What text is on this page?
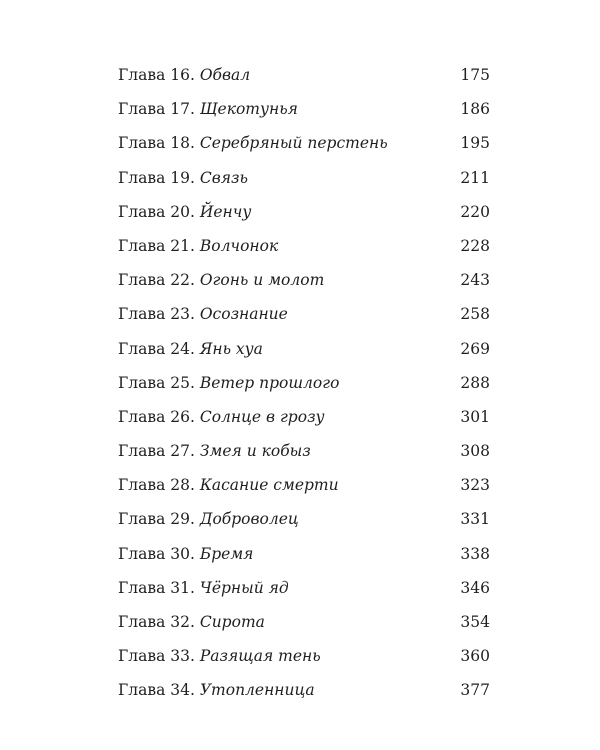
Глава 16. Обвал	175
Глава 17. Щекотунья	186
Глава 18. Серебряный перстень	195
Глава 19. Связь	211
Глава 20. Йенчу	220
Глава 21. Волчонок	228
Глава 22. Огонь и молот	243
Глава 23. Осознание	258
Глава 24. Янь хуа	269
Глава 25. Ветер прошлого	288
Глава 26. Солнце в грозу	301
Глава 27. Змея и кобыз	308
Глава 28. Касание смерти	323
Глава 29. Доброволец	331
Глава 30. Бремя	338
Глава 31. Чёрный яд	346
Глава 32. Сирота	354
Глава 33. Разящая тень	360
Глава 34. Утопленница	377
